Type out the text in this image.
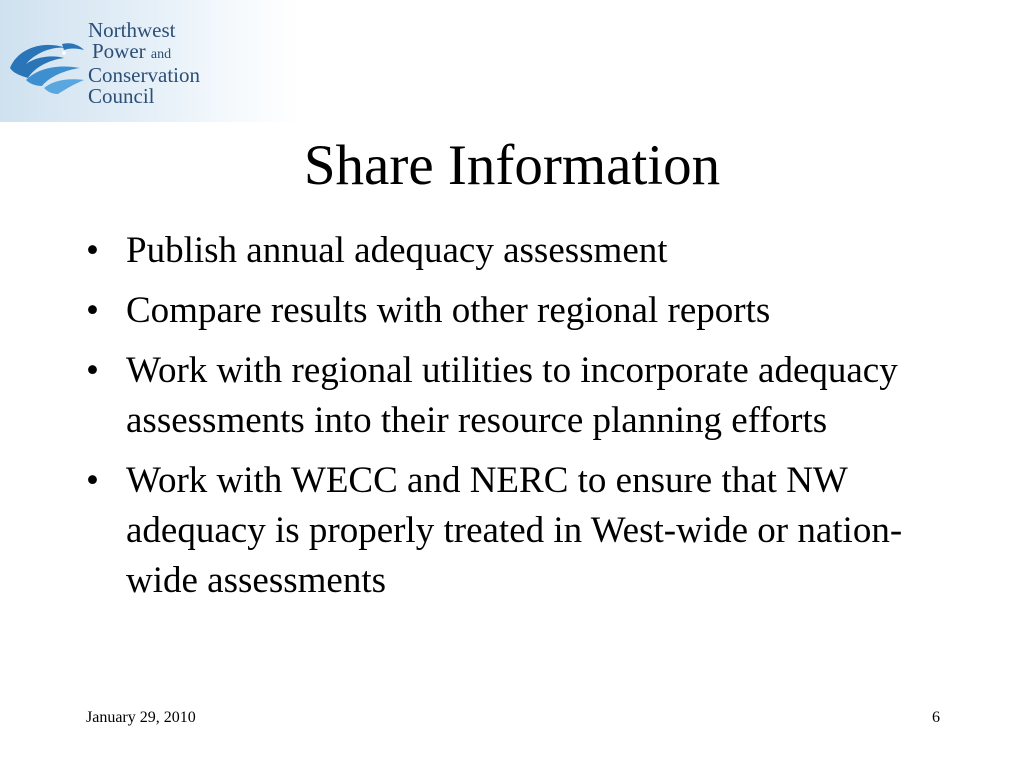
Northwest
Power and
Conservation
Council
Share Information
• Publish annual adequacy assessment
• Compare results with other regional reports
• Work with regional utilities to incorporate adequacy assessments into their resource planning efforts
• Work with WECC and NERC to ensure that NW adequacy is properly treated in West-wide or nation-wide assessments
January 29, 2010	6
